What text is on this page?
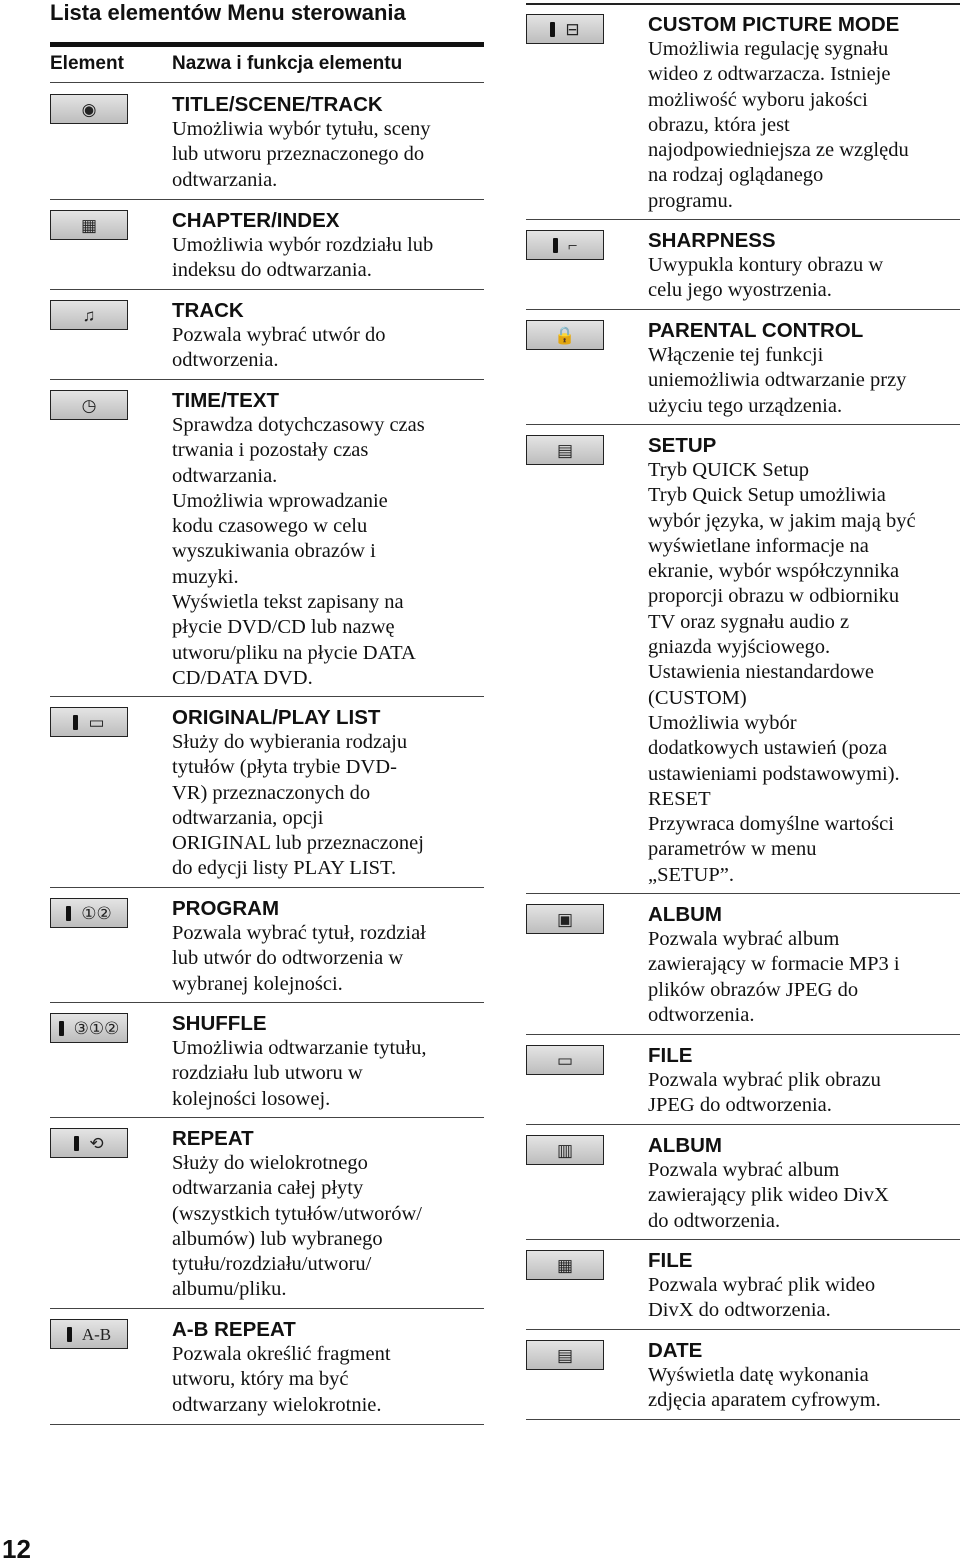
Lista elementów Menu sterowania
Element	Nazwa i funkcja elementu
◉	TITLE/SCENE/TRACK
Umożliwia wybór tytułu, sceny
lub utworu przeznaczonego do
odtwarzania.
▦	CHAPTER/INDEX
Umożliwia wybór rozdziału lub
indeksu do odtwarzania.
♫	TRACK
Pozwala wybrać utwór do
odtworzenia.
◷	TIME/TEXT
Sprawdza dotychczasowy czas
trwania i pozostały czas
odtwarzania.
Umożliwia wprowadzanie
kodu czasowego w celu
wyszukiwania obrazów i
muzyki.
Wyświetla tekst zapisany na
płycie DVD/CD lub nazwę
utworu/pliku na płycie DATA
CD/DATA DVD.
▭	ORIGINAL/PLAY LIST
Służy do wybierania rodzaju
tytułów (płyta trybie DVD-
VR) przeznaczonych do
odtwarzania, opcji
ORIGINAL lub przeznaczonej
do edycji listy PLAY LIST.
①②	PROGRAM
Pozwala wybrać tytuł, rozdział
lub utwór do odtworzenia w
wybranej kolejności.
③①②	SHUFFLE
Umożliwia odtwarzanie tytułu,
rozdziału lub utworu w
kolejności losowej.
⟲	REPEAT
Służy do wielokrotnego
odtwarzania całej płyty
(wszystkich tytułów/utworów/
albumów) lub wybranego
tytułu/rozdziału/utworu/
albumu/pliku.
A-B	A-B REPEAT
Pozwala określić fragment
utworu, który ma być
odtwarzany wielokrotnie.
⊟	CUSTOM PICTURE MODE
Umożliwia regulację sygnału
wideo z odtwarzacza. Istnieje
możliwość wyboru jakości
obrazu, która jest
najodpowiedniejsza ze względu
na rodzaj oglądanego
programu.
⌐	SHARPNESS
Uwypukla kontury obrazu w
celu jego wyostrzenia.
🔒	PARENTAL CONTROL
Włączenie tej funkcji
uniemożliwia odtwarzanie przy
użyciu tego urządzenia.
▤	SETUP
Tryb QUICK Setup
Tryb Quick Setup umożliwia
wybór języka, w jakim mają być
wyświetlane informacje na
ekranie, wybór współczynnika
proporcji obrazu w odbiorniku
TV oraz sygnału audio z
gniazda wyjściowego.
Ustawienia niestandardowe
(CUSTOM)
Umożliwia wybór
dodatkowych ustawień (poza
ustawieniami podstawowymi).
RESET
Przywraca domyślne wartości
parametrów w menu
„SETUP”.
▣	ALBUM
Pozwala wybrać album
zawierający w formacie MP3 i
plików obrazów JPEG do
odtworzenia.
▭	FILE
Pozwala wybrać plik obrazu
JPEG do odtworzenia.
▥	ALBUM
Pozwala wybrać album
zawierający plik wideo DivX
do odtworzenia.
▦	FILE
Pozwala wybrać plik wideo
DivX do odtworzenia.
▤	DATE
Wyświetla datę wykonania
zdjęcia aparatem cyfrowym.
12
